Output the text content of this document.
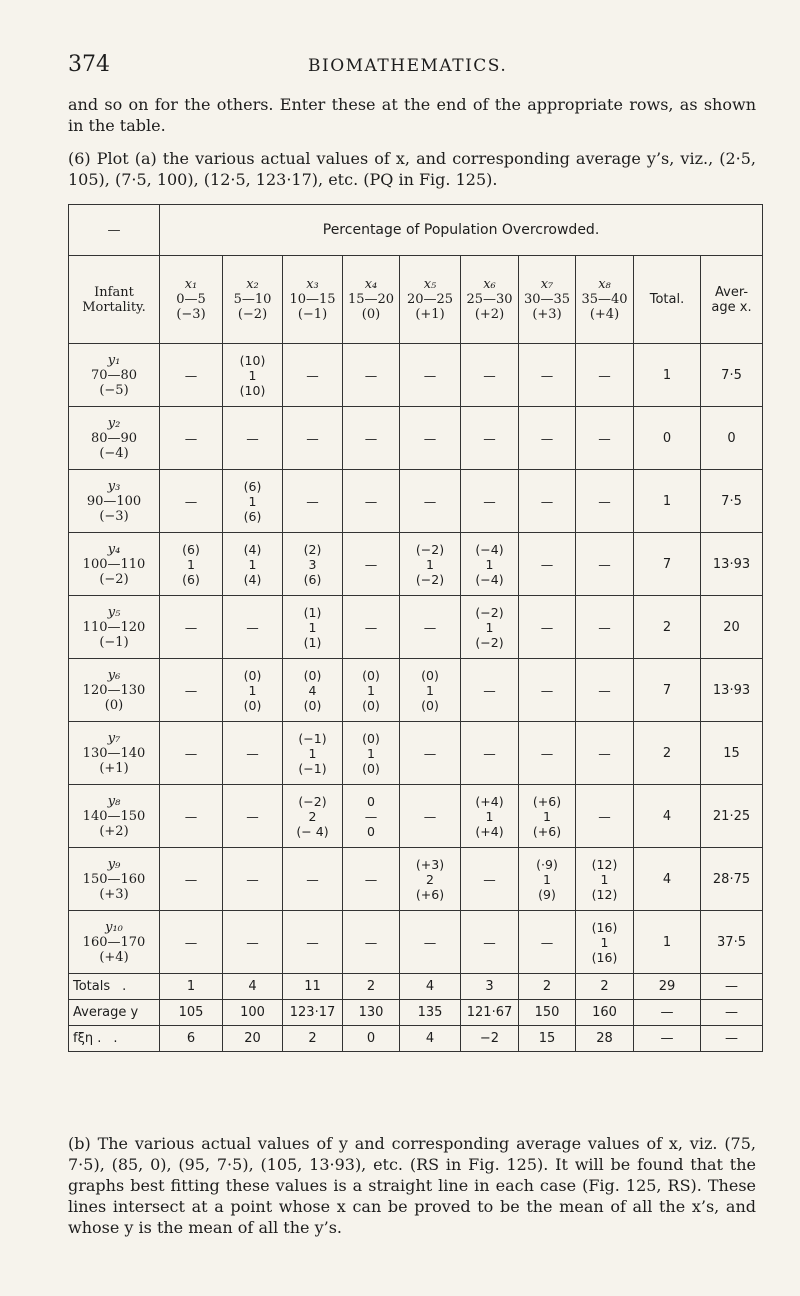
374	BIOMATHEMATICS.
and so on for the others. Enter these at the end of the appropriate rows, as shown in the table.
(6) Plot (a) the various actual values of x, and corresponding average y’s, viz., (2·5, 105), (7·5, 100), (12·5, 123·17), etc. (PQ in Fig. 125).
—	Percentage of Population Overcrowded.									

Infant
Mortality.	x₁
0—5
(−3)	x₂
5—10
(−2)	x₃
10—15
(−1)	x₄
15—20
(0)	x₅
20—25
(+1)	x₆
25—30
(+2)	x₇
30—35
(+3)	x₈
35—40
(+4)	Total.	Aver-
age x.

y₁
70—80
(−5)	—	(10)
1
(10)	—	—	—	—	—	—	1	7·5

y₂
80—90
(−4)	—	—	—	—	—	—	—	—	0	0

y₃
90—100
(−3)	—	(6)
1
(6)	—	—	—	—	—	—	1	7·5

y₄
100—110
(−2)	(6)
1
(6)	(4)
1
(4)	(2)
3
(6)	—	(−2)
1
(−2)	(−4)
1
(−4)	—	—	7	13·93

y₅
110—120
(−1)	—	—	(1)
1
(1)	—	—	(−2)
1
(−2)	—	—	2	20

y₆
120—130
(0)	—	(0)
1
(0)	(0)
4
(0)	(0)
1
(0)	(0)
1
(0)	—	—	—	7	13·93

y₇
130—140
(+1)	—	—	(−1)
1
(−1)	(0)
1
(0)	—	—	—	—	2	15

y₈
140—150
(+2)	—	—	(−2)
2
(− 4)	0
—
0	—	(+4)
1
(+4)	(+6)
1
(+6)	—	4	21·25

y₉
150—160
(+3)	—	—	—	—	(+3)
2
(+6)	—	(·9)
1
(9)	(12)
1
(12)	4	28·75

y₁₀
160—170
(+4)	—	—	—	—	—	—	—	(16)
1
(16)	1	37·5
Totals .	1	4	11	2	4	3	2	2	29	—
Average y	105	100	123·17	130	135	121·67	150	160	—	—
fξη . .	6	20	2	0	4	−2	15	28	—	—
(b) The various actual values of y and corresponding average values of x, viz. (75, 7·5), (85, 0), (95, 7·5), (105, 13·93), etc. (RS in Fig. 125). It will be found that the graphs best fitting these values is a straight line in each case (Fig. 125, RS). These lines intersect at a point whose x can be proved to be the mean of all the x’s, and whose y is the mean of all the y’s.
